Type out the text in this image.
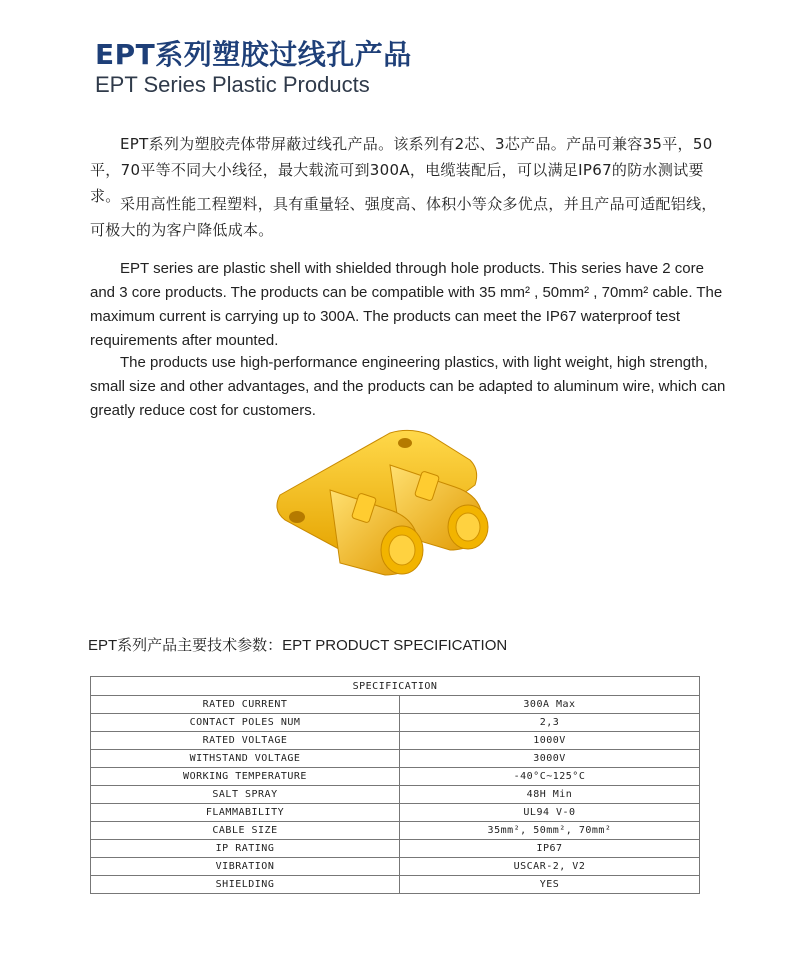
EPT系列塑胶过线孔产品
EPT Series Plastic Products

EPT系列为塑胶壳体带屏蔽过线孔产品。该系列有2芯、3芯产品。产品可兼容35平，50平，70平等不同大小线径，最大载流可到300A，电缆装配后，可以满足IP67的防水测试要求。 采用高性能工程塑料，具有重量轻、强度高、体积小等众多优点，并且产品可适配铝线，可极大的为客户降低成本。

EPT series are plastic shell with shielded through hole products. This series have 2 core and 3 core products. The products can be compatible with 35 mm² , 50mm² , 70mm² cable. The maximum current is carrying up to 300A. The products can meet the IP67 waterproof test requirements after mounted.

The products use high-performance engineering plastics, with light weight, high strength, small size and other advantages, and the products can be adapted to aluminum wire, which can greatly reduce cost for customers.

EPT系列产品主要技术参数：EPT PRODUCT SPECIFICATION

SPECIFICATION	
RATED CURRENT	300A Max
CONTACT POLES NUM	2,3
RATED VOLTAGE	1000V
WITHSTAND VOLTAGE	3000V
WORKING TEMPERATURE	-40°C~125°C
SALT SPRAY	48H Min
FLAMMABILITY	UL94 V-0
CABLE SIZE	35mm², 50mm², 70mm²
IP RATING	IP67
VIBRATION	USCAR-2, V2
SHIELDING	YES
